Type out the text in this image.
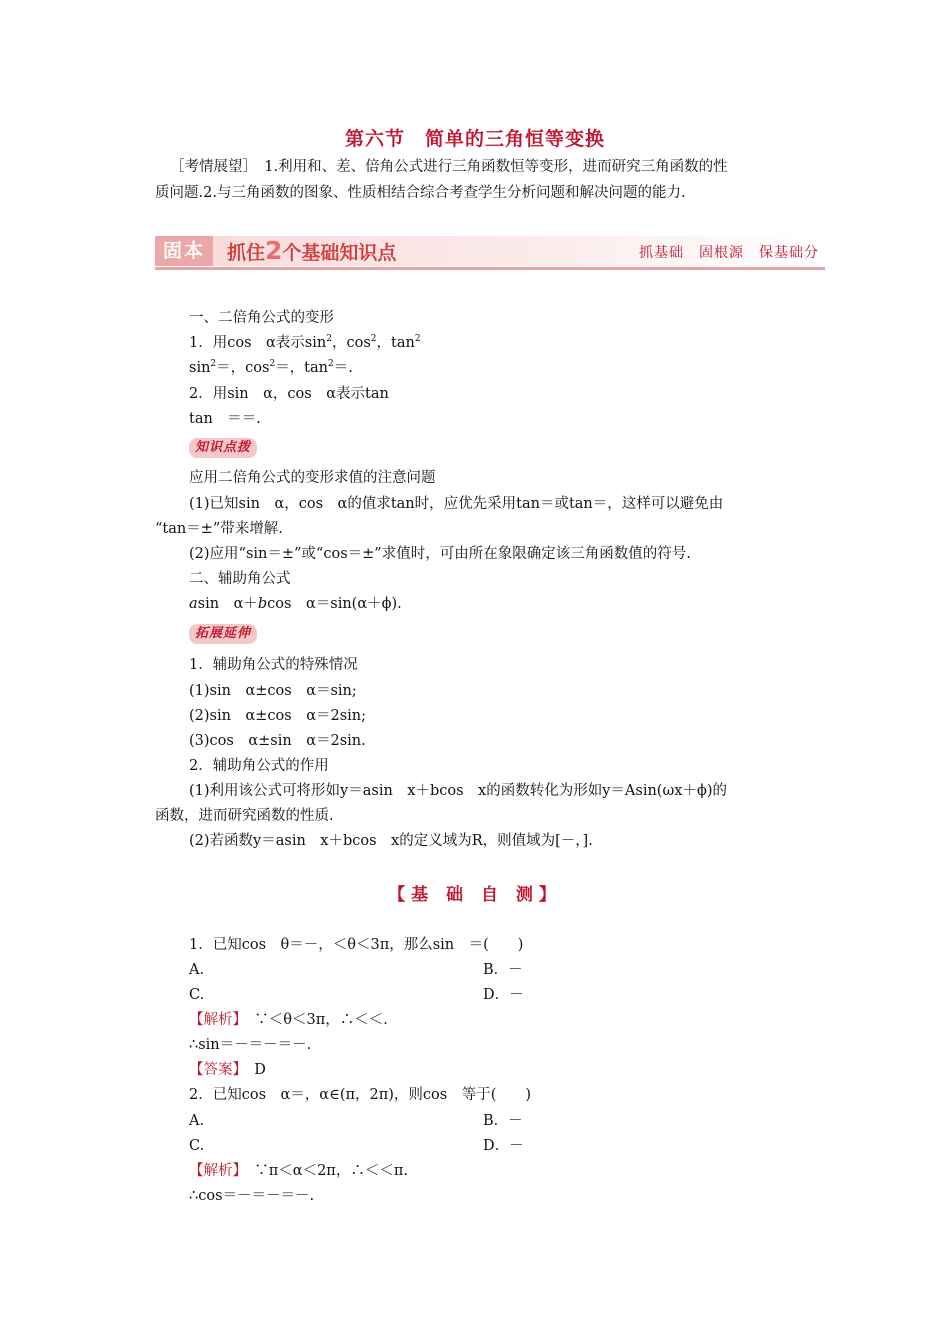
第六节　简单的三角恒等变换
［考情展望］　1.利用和、差、倍角公式进行三角函数恒等变形，进而研究三角函数的性
质问题.2.与三角函数的图象、性质相结合综合考查学生分析问题和解决问题的能力.
固本	抓住2个基础知识点	抓基础　固根源　保基础分
一、二倍角公式的变形
1．用cos　α表示$\sin^2$，$\cos^2$，$\tan^2$
$\sin^2=$，$\cos^2=$，$\tan^2=$.
2．用sin　α，cos　α表示tan
tan　＝＝.
知识点拨
应用二倍角公式的变形求值的注意问题
(1)已知sin　α，cos　α的值求tan时，应优先采用tan＝或tan＝，这样可以避免由
“tan＝±”带来增解.
(2)应用“sin＝±”或“cos＝±”求值时，可由所在象限确定该三角函数值的符号.
二、辅助角公式
asin　α＋bcos　α＝sin(α＋ϕ).
拓展延伸
1．辅助角公式的特殊情况
(1)sin　α±cos　α＝sin;
(2)sin　α±cos　α＝2sin;
(3)cos　α±sin　α＝2sin.
2．辅助角公式的作用
(1)利用该公式可将形如y＝asin　x＋bcos　x的函数转化为形如y＝Asin(ωx＋ϕ)的
函数，进而研究函数的性质.
(2)若函数y＝asin　x＋bcos　x的定义域为R，则值域为[－，].
【基 础 自 测】
1．已知cos　θ＝－，＜θ＜3π，那么sin　＝(　　)
A.	B．－
C.	D．－
【解析】　∵＜θ＜3π，∴＜＜.
∴sin＝－＝－＝－.
【答案】　D
2．已知cos　α＝，α∈(π，2π)，则cos　等于(　　)
A.	B．－
C.	D．－
【解析】　∵π＜α＜2π，∴＜＜π.
∴cos＝－＝－＝－.
